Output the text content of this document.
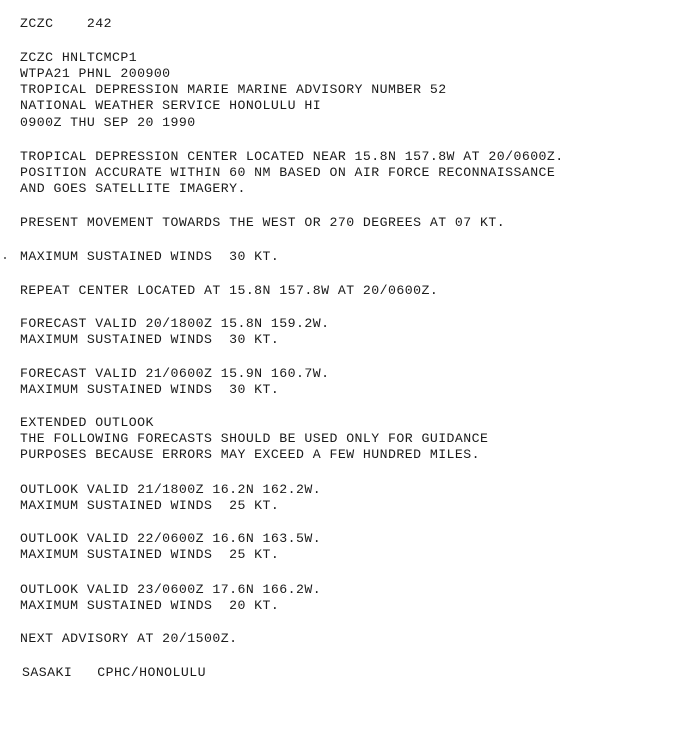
ZCZC    242
ZCZC HNLTCMCP1
WTPA21 PHNL 200900
TROPICAL DEPRESSION MARIE MARINE ADVISORY NUMBER 52
NATIONAL WEATHER SERVICE HONOLULU HI
0900Z THU SEP 20 1990
TROPICAL DEPRESSION CENTER LOCATED NEAR 15.8N 157.8W AT 20/0600Z.
POSITION ACCURATE WITHIN 60 NM BASED ON AIR FORCE RECONNAISSANCE
AND GOES SATELLITE IMAGERY.
PRESENT MOVEMENT TOWARDS THE WEST OR 270 DEGREES AT 07 KT.
MAXIMUM SUSTAINED WINDS  30 KT.
REPEAT CENTER LOCATED AT 15.8N 157.8W AT 20/0600Z.
FORECAST VALID 20/1800Z 15.8N 159.2W.
MAXIMUM SUSTAINED WINDS  30 KT.
FORECAST VALID 21/0600Z 15.9N 160.7W.
MAXIMUM SUSTAINED WINDS  30 KT.
EXTENDED OUTLOOK
THE FOLLOWING FORECASTS SHOULD BE USED ONLY FOR GUIDANCE
PURPOSES BECAUSE ERRORS MAY EXCEED A FEW HUNDRED MILES.
OUTLOOK VALID 21/1800Z 16.2N 162.2W.
MAXIMUM SUSTAINED WINDS  25 KT.
OUTLOOK VALID 22/0600Z 16.6N 163.5W.
MAXIMUM SUSTAINED WINDS  25 KT.
OUTLOOK VALID 23/0600Z 17.6N 166.2W.
MAXIMUM SUSTAINED WINDS  20 KT.
NEXT ADVISORY AT 20/1500Z.
SASAKI   CPHC/HONOLULU
